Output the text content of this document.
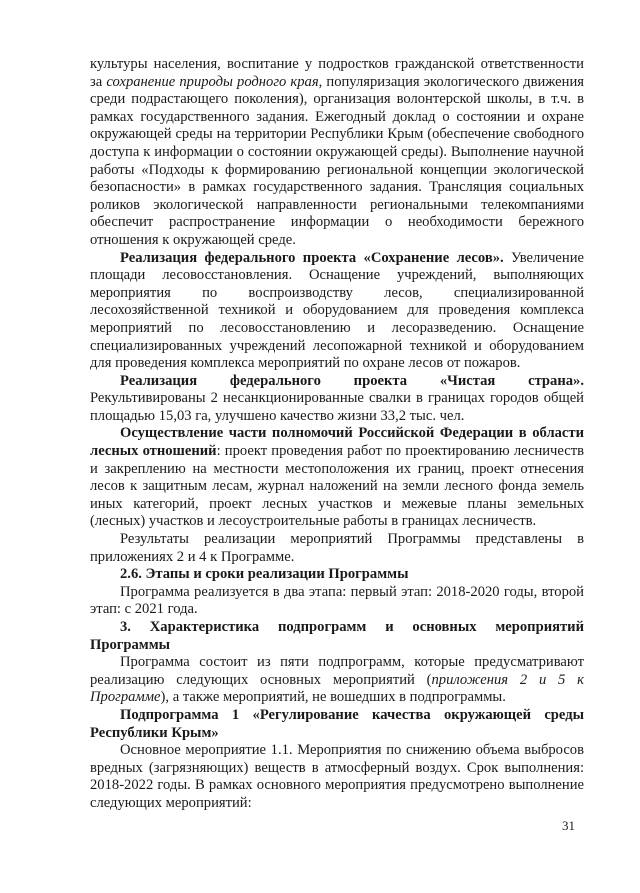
культуры населения, воспитание у подростков гражданской ответственности за сохранение природы родного края, популяризация экологического движения среди подрастающего поколения), организация волонтерской школы, в т.ч. в рамках государственного задания. Ежегодный доклад о состоянии и охране окружающей среды на территории Республики Крым (обеспечение свободного доступа к информации о состоянии окружающей среды). Выполнение научной работы «Подходы к формированию региональной концепции экологической безопасности» в рамках государственного задания. Трансляция социальных роликов экологической направленности региональными телекомпаниями обеспечит распространение информации о необходимости бережного отношения к окружающей среде.

Реализация федерального проекта «Сохранение лесов». Увеличение площади лесовосстановления. Оснащение учреждений, выполняющих мероприятия по воспроизводству лесов, специализированной лесохозяйственной техникой и оборудованием для проведения комплекса мероприятий по лесовосстановлению и лесоразведению. Оснащение специализированных учреждений лесопожарной техникой и оборудованием для проведения комплекса мероприятий по охране лесов от пожаров.

Реализация федерального проекта «Чистая страна». Рекультивированы 2 несанкционированные свалки в границах городов общей площадью 15,03 га, улучшено качество жизни 33,2 тыс. чел.

Осуществление части полномочий Российской Федерации в области лесных отношений: проект проведения работ по проектированию лесничеств и закреплению на местности местоположения их границ, проект отнесения лесов к защитным лесам, журнал наложений на земли лесного фонда земель иных категорий, проект лесных участков и межевые планы земельных (лесных) участков и лесоустроительные работы в границах лесничеств.

Результаты реализации мероприятий Программы представлены в приложениях 2 и 4 к Программе.

2.6. Этапы и сроки реализации Программы

Программа реализуется в два этапа: первый этап: 2018-2020 годы, второй этап: с 2021 года.

3. Характеристика подпрограмм и основных мероприятий Программы

Программа состоит из пяти подпрограмм, которые предусматривают реализацию следующих основных мероприятий (приложения 2 и 5 к Программе), а также мероприятий, не вошедших в подпрограммы.

Подпрограмма 1 «Регулирование качества окружающей среды Республики Крым»

Основное мероприятие 1.1. Мероприятия по снижению объема выбросов вредных (загрязняющих) веществ в атмосферный воздух. Срок выполнения: 2018-2022 годы. В рамках основного мероприятия предусмотрено выполнение следующих мероприятий:

31
